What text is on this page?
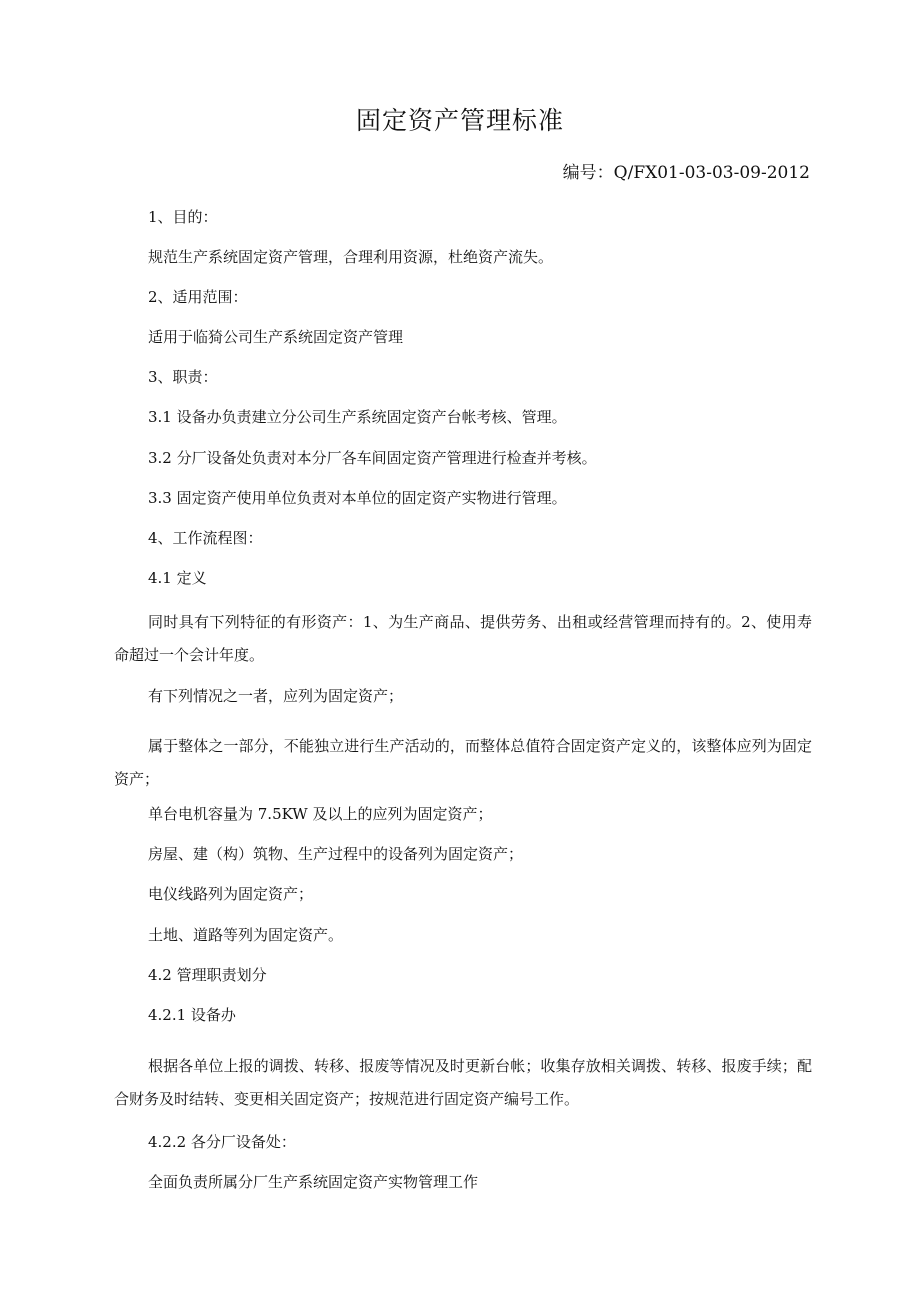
固定资产管理标准
编号：Q/FX01-03-03-09-2012
1、目的：
规范生产系统固定资产管理，合理利用资源，杜绝资产流失。
2、适用范围：
适用于临猗公司生产系统固定资产管理
3、职责：
3.1 设备办负责建立分公司生产系统固定资产台帐考核、管理。
3.2 分厂设备处负责对本分厂各车间固定资产管理进行检查并考核。
3.3 固定资产使用单位负责对本单位的固定资产实物进行管理。
4、工作流程图：
4.1 定义
同时具有下列特征的有形资产：1、为生产商品、提供劳务、出租或经营管理而持有的。2、使用寿命超过一个会计年度。
有下列情况之一者，应列为固定资产；
属于整体之一部分，不能独立进行生产活动的，而整体总值符合固定资产定义的，该整体应列为固定资产；
单台电机容量为 7.5KW 及以上的应列为固定资产；
房屋、建（构）筑物、生产过程中的设备列为固定资产；
电仪线路列为固定资产；
土地、道路等列为固定资产。
4.2 管理职责划分
4.2.1 设备办
根据各单位上报的调拨、转移、报废等情况及时更新台帐；收集存放相关调拨、转移、报废手续；配合财务及时结转、变更相关固定资产；按规范进行固定资产编号工作。
4.2.2 各分厂设备处：
全面负责所属分厂生产系统固定资产实物管理工作
